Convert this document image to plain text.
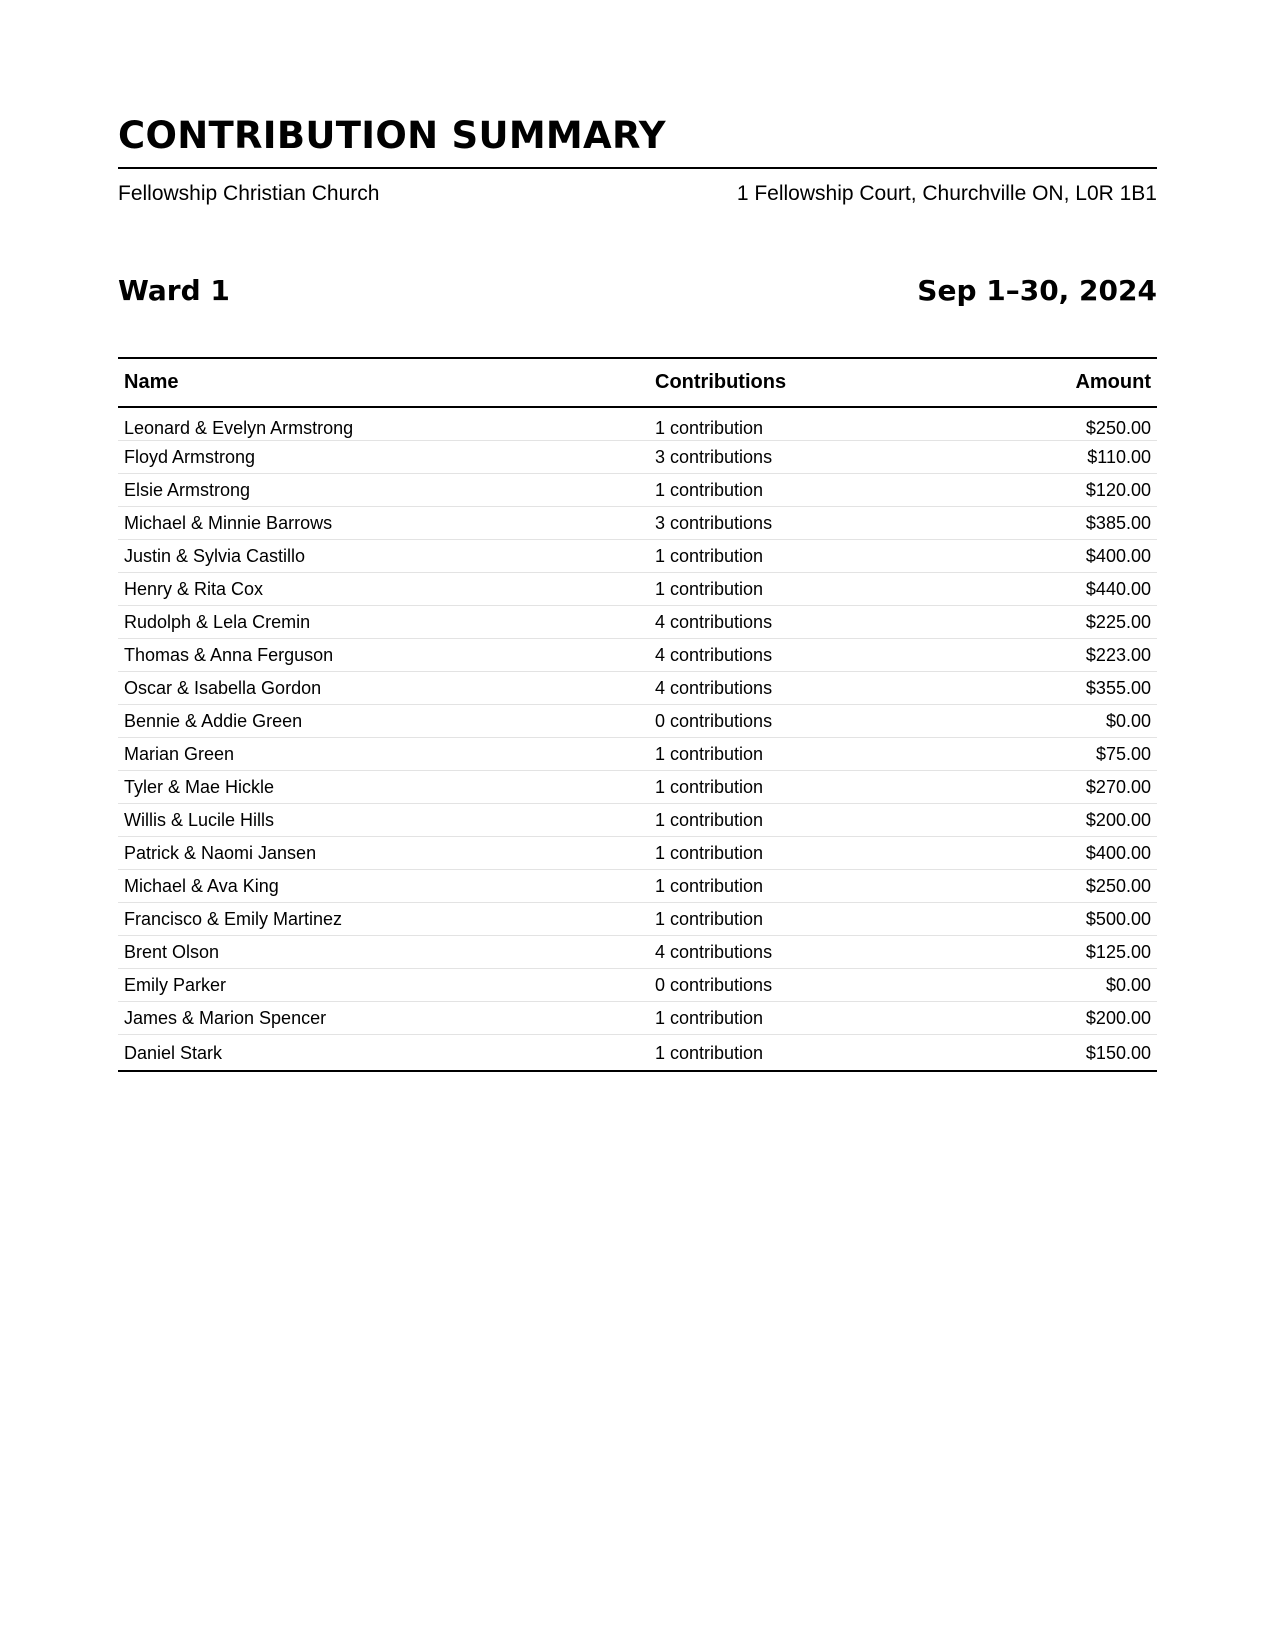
CONTRIBUTION SUMMARY
Fellowship Christian Church	1 Fellowship Court, Churchville ON, L0R 1B1
Ward 1	Sep 1–30, 2024
Name	Contributions	Amount
Leonard & Evelyn Armstrong	1 contribution	$250.00
Floyd Armstrong	3 contributions	$110.00
Elsie Armstrong	1 contribution	$120.00
Michael & Minnie Barrows	3 contributions	$385.00
Justin & Sylvia Castillo	1 contribution	$400.00
Henry & Rita Cox	1 contribution	$440.00
Rudolph & Lela Cremin	4 contributions	$225.00
Thomas & Anna Ferguson	4 contributions	$223.00
Oscar & Isabella Gordon	4 contributions	$355.00
Bennie & Addie Green	0 contributions	$0.00
Marian Green	1 contribution	$75.00
Tyler & Mae Hickle	1 contribution	$270.00
Willis & Lucile Hills	1 contribution	$200.00
Patrick & Naomi Jansen	1 contribution	$400.00
Michael & Ava King	1 contribution	$250.00
Francisco & Emily Martinez	1 contribution	$500.00
Brent Olson	4 contributions	$125.00
Emily Parker	0 contributions	$0.00
James & Marion Spencer	1 contribution	$200.00
Daniel Stark	1 contribution	$150.00
